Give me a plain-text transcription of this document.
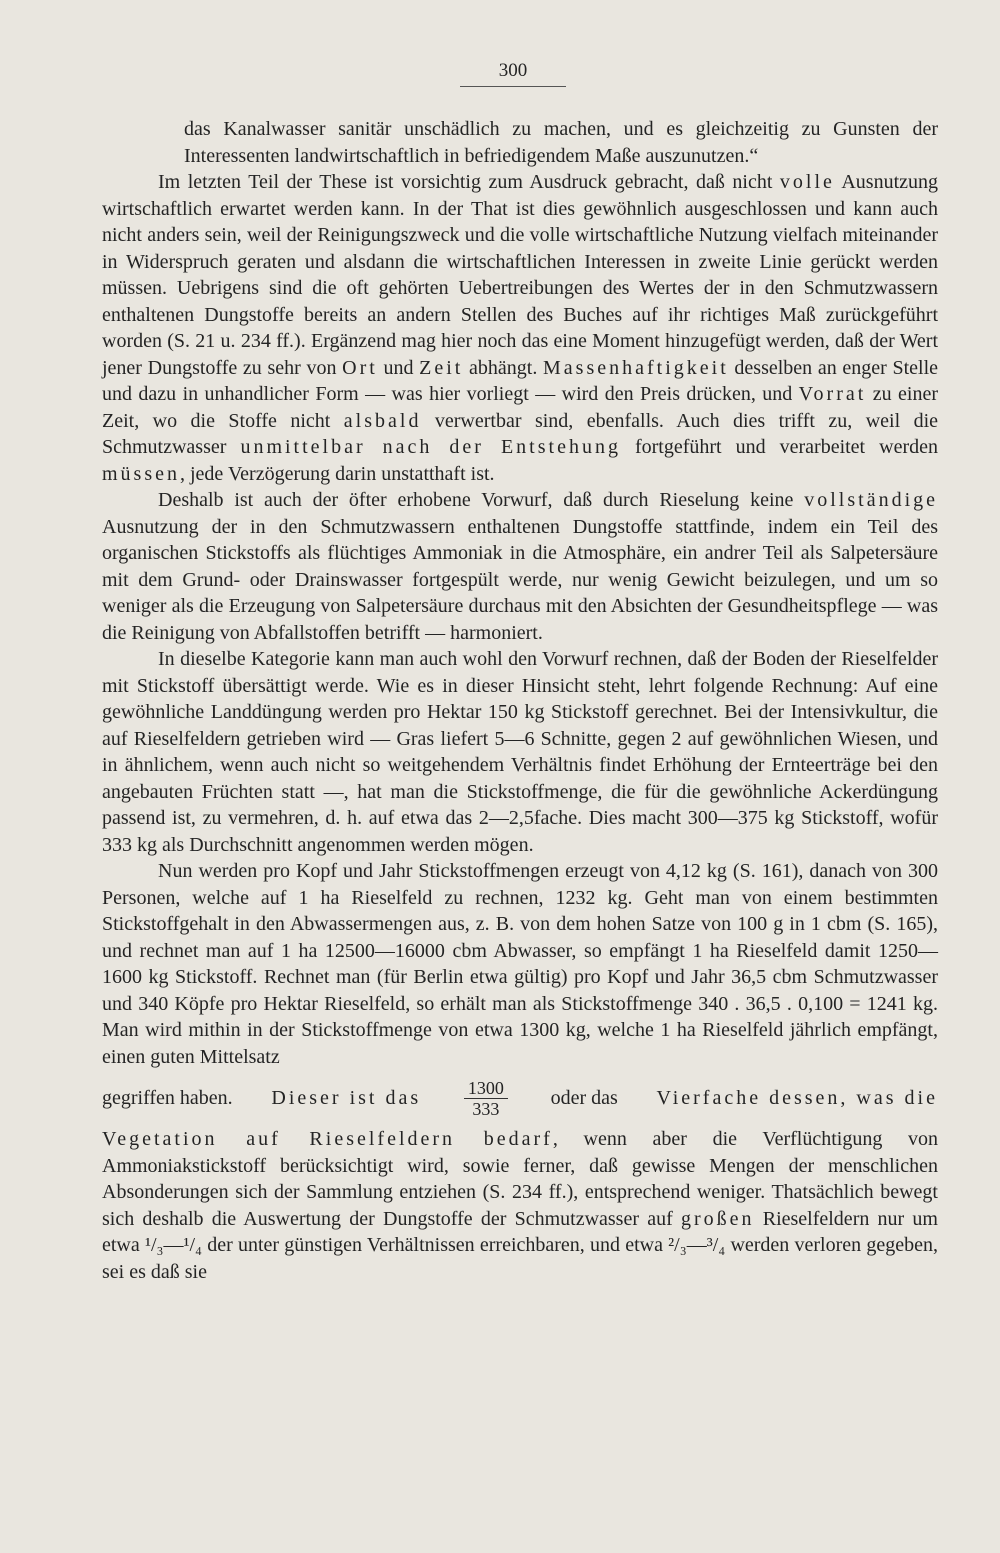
300

das Kanalwasser sanitär unschädlich zu machen, und es gleichzeitig zu Gunsten der Interessenten landwirtschaftlich in befriedigendem Maße auszunutzen.“

Im letzten Teil der These ist vorsichtig zum Ausdruck gebracht, daß nicht volle Ausnutzung wirtschaftlich erwartet werden kann. In der That ist dies gewöhnlich ausgeschlossen und kann auch nicht anders sein, weil der Reinigungszweck und die volle wirtschaftliche Nutzung vielfach miteinander in Widerspruch geraten und alsdann die wirtschaftlichen Interessen in zweite Linie gerückt werden müssen. Uebrigens sind die oft gehörten Uebertreibungen des Wertes der in den Schmutzwassern enthaltenen Dungstoffe bereits an andern Stellen des Buches auf ihr richtiges Maß zurückgeführt worden (S. 21 u. 234 ff.). Ergänzend mag hier noch das eine Moment hinzugefügt werden, daß der Wert jener Dungstoffe zu sehr von Ort und Zeit abhängt. Massenhaftigkeit desselben an enger Stelle und dazu in unhandlicher Form — was hier vorliegt — wird den Preis drücken, und Vorrat zu einer Zeit, wo die Stoffe nicht alsbald verwertbar sind, ebenfalls. Auch dies trifft zu, weil die Schmutzwasser unmittelbar nach der Entstehung fortgeführt und verarbeitet werden müssen, jede Verzögerung darin unstatthaft ist.

Deshalb ist auch der öfter erhobene Vorwurf, daß durch Rieselung keine vollständige Ausnutzung der in den Schmutzwassern enthaltenen Dungstoffe stattfinde, indem ein Teil des organischen Stickstoffs als flüchtiges Ammoniak in die Atmosphäre, ein andrer Teil als Salpetersäure mit dem Grund- oder Drainswasser fortgespült werde, nur wenig Gewicht beizulegen, und um so weniger als die Erzeugung von Salpetersäure durchaus mit den Absichten der Gesundheitspflege — was die Reinigung von Abfallstoffen betrifft — harmoniert.

In dieselbe Kategorie kann man auch wohl den Vorwurf rechnen, daß der Boden der Rieselfelder mit Stickstoff übersättigt werde. Wie es in dieser Hinsicht steht, lehrt folgende Rechnung: Auf eine gewöhnliche Landdüngung werden pro Hektar 150 kg Stickstoff gerechnet. Bei der Intensivkultur, die auf Rieselfeldern getrieben wird — Gras liefert 5—6 Schnitte, gegen 2 auf gewöhnlichen Wiesen, und in ähnlichem, wenn auch nicht so weitgehendem Verhältnis findet Erhöhung der Ernteerträge bei den angebauten Früchten statt —, hat man die Stickstoffmenge, die für die gewöhnliche Ackerdüngung passend ist, zu vermehren, d. h. auf etwa das 2—2,5fache. Dies macht 300—375 kg Stickstoff, wofür 333 kg als Durchschnitt angenommen werden mögen.

Nun werden pro Kopf und Jahr Stickstoffmengen erzeugt von 4,12 kg (S. 161), danach von 300 Personen, welche auf 1 ha Rieselfeld zu rechnen, 1232 kg. Geht man von einem bestimmten Stickstoffgehalt in den Abwassermengen aus, z. B. von dem hohen Satze von 100 g in 1 cbm (S. 165), und rechnet man auf 1 ha 12500—16000 cbm Abwasser, so empfängt 1 ha Rieselfeld damit 1250—1600 kg Stickstoff. Rechnet man (für Berlin etwa gültig) pro Kopf und Jahr 36,5 cbm Schmutzwasser und 340 Köpfe pro Hektar Rieselfeld, so erhält man als Stickstoffmenge 340 . 36,5 . 0,100 = 1241 kg. Man wird mithin in der Stickstoffmenge von etwa 1300 kg, welche 1 ha Rieselfeld jährlich empfängt, einen guten Mittelsatz

gegriffen haben. Dieser ist das $\frac{1300}{333}$ oder das Vierfache dessen, was die

Vegetation auf Rieselfeldern bedarf, wenn aber die Verflüchtigung von Ammoniakstickstoff berücksichtigt wird, sowie ferner, daß gewisse Mengen der menschlichen Absonderungen sich der Sammlung entziehen (S. 234 ff.), entsprechend weniger. Thatsächlich bewegt sich deshalb die Auswertung der Dungstoffe der Schmutzwasser auf großen Rieselfeldern nur um etwa ¹/₃—¹/₄ der unter günstigen Verhältnissen erreichbaren, und etwa ²/₃—³/₄ werden verloren gegeben, sei es daß sie
